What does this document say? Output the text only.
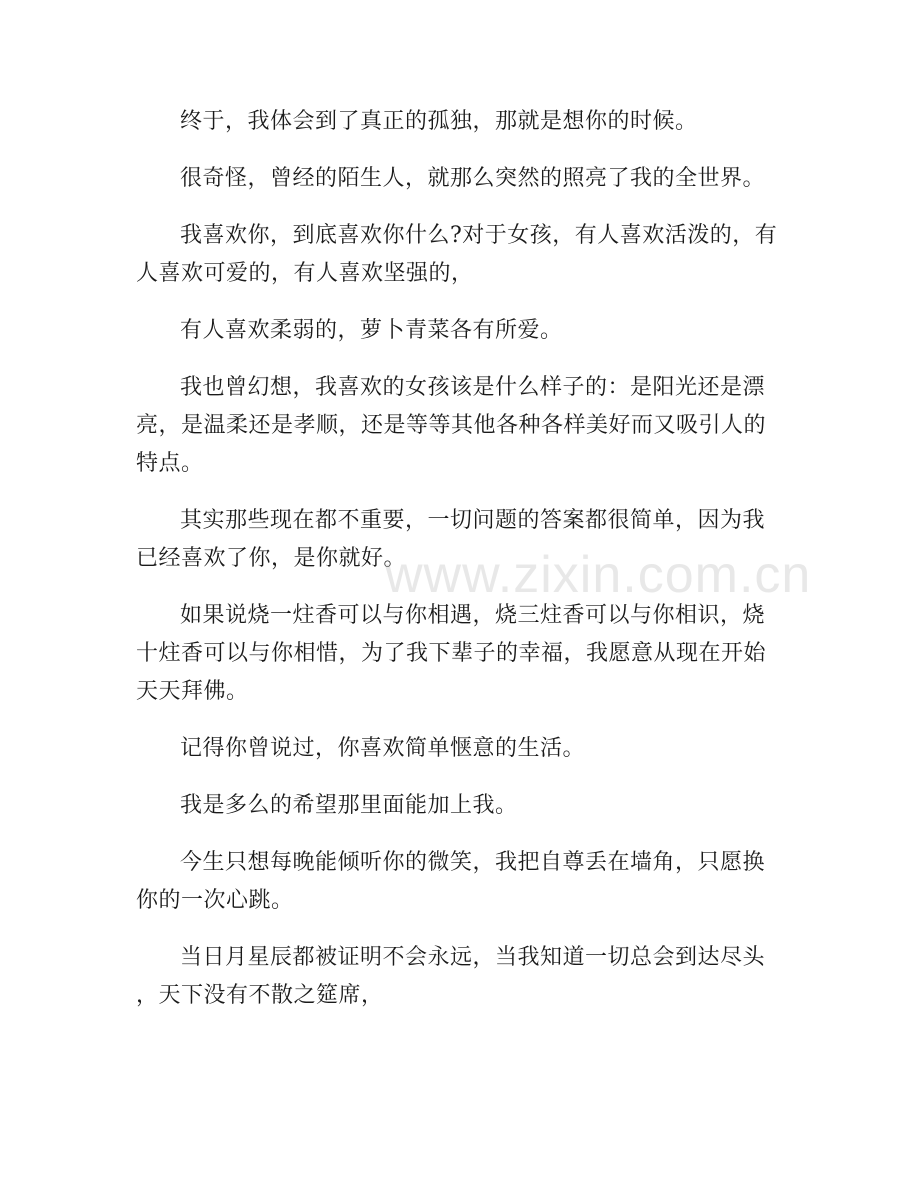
终于，我体会到了真正的孤独，那就是想你的时候。

很奇怪，曾经的陌生人，就那么突然的照亮了我的全世界。

我喜欢你，到底喜欢你什么?对于女孩，有人喜欢活泼的，有
人喜欢可爱的，有人喜欢坚强的，

有人喜欢柔弱的，萝卜青菜各有所爱。

我也曾幻想，我喜欢的女孩该是什么样子的：是阳光还是漂
亮，是温柔还是孝顺，还是等等其他各种各样美好而又吸引人的
特点。

其实那些现在都不重要，一切问题的答案都很简单，因为我
已经喜欢了你，是你就好。

如果说烧一炷香可以与你相遇，烧三炷香可以与你相识，烧
十炷香可以与你相惜，为了我下辈子的幸福，我愿意从现在开始
天天拜佛。

记得你曾说过，你喜欢简单惬意的生活。

我是多么的希望那里面能加上我。

今生只想每晚能倾听你的微笑，我把自尊丢在墙角，只愿换
你的一次心跳。

当日月星辰都被证明不会永远，当我知道一切总会到达尽头
，天下没有不散之筵席，

www.zixin.com.cn
